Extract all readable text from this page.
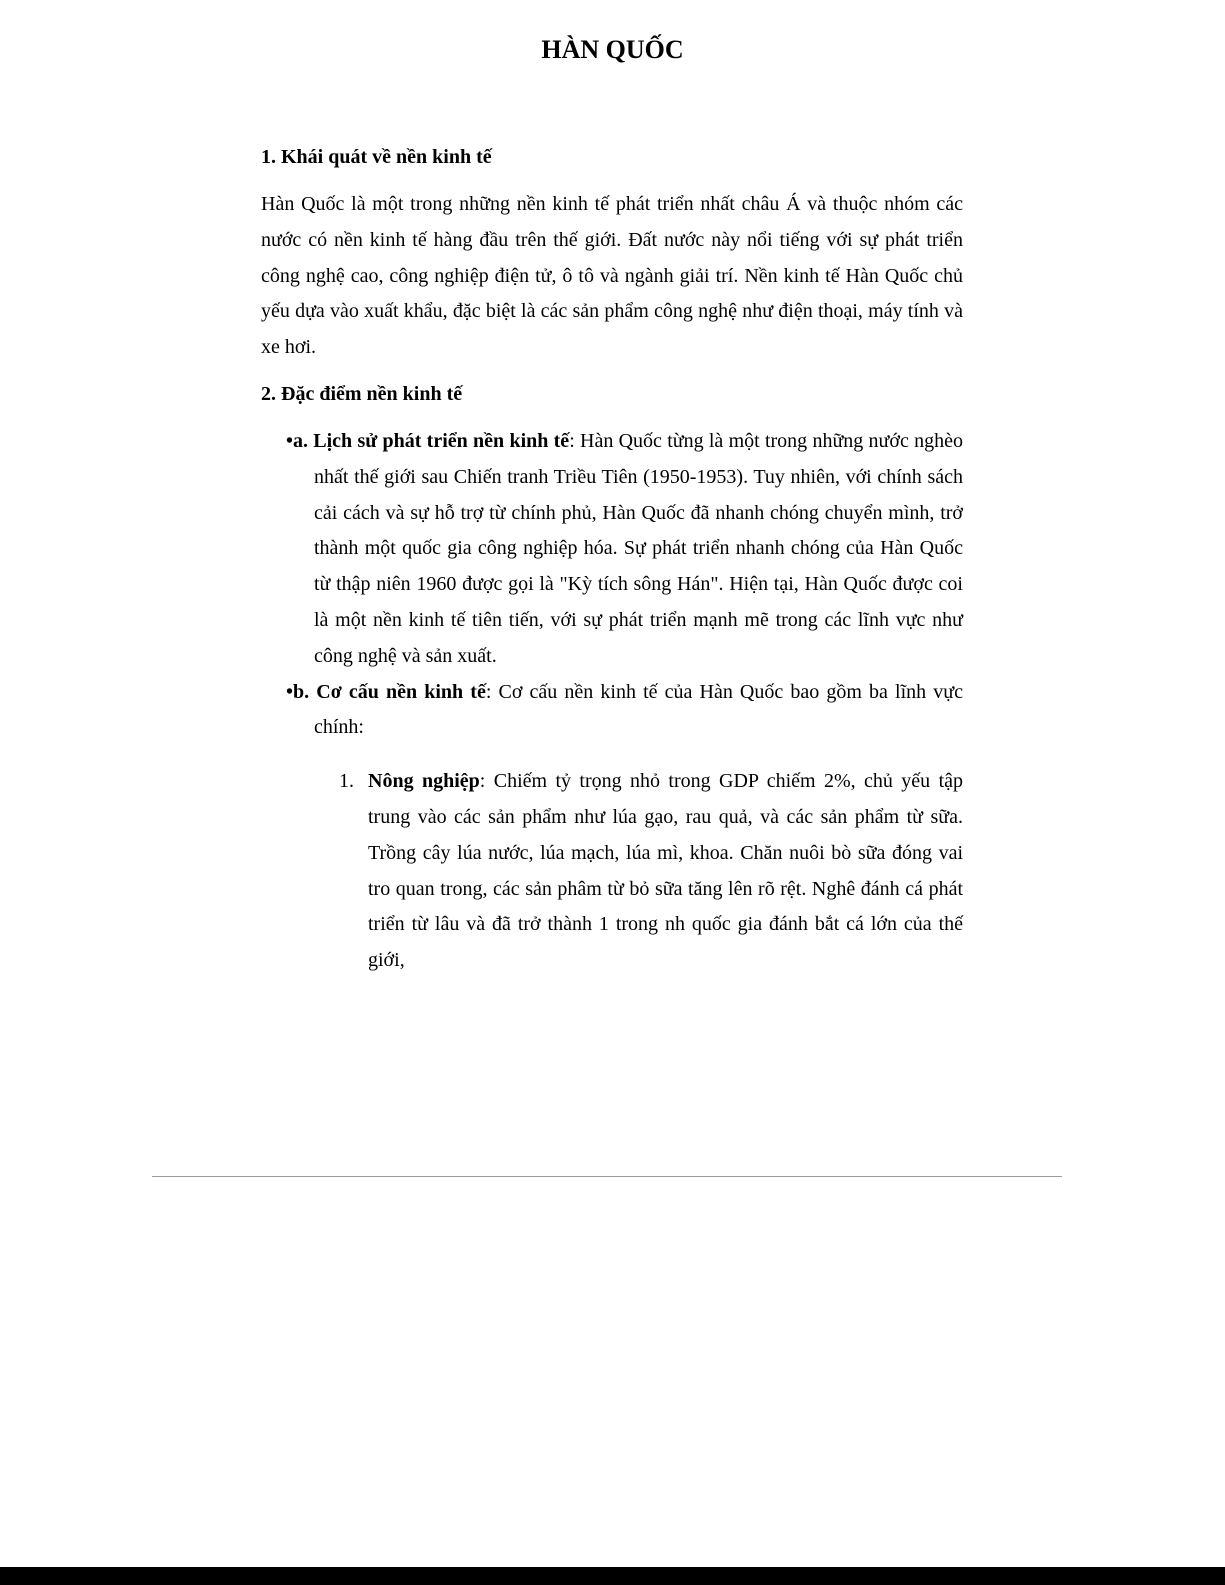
HÀN QUỐC
1. Khái quát về nền kinh tế

Hàn Quốc là một trong những nền kinh tế phát triển nhất châu Á và thuộc nhóm các nước có nền kinh tế hàng đầu trên thế giới. Đất nước này nổi tiếng với sự phát triển công nghệ cao, công nghiệp điện tử, ô tô và ngành giải trí. Nền kinh tế Hàn Quốc chủ yếu dựa vào xuất khẩu, đặc biệt là các sản phẩm công nghệ như điện thoại, máy tính và xe hơi.

2. Đặc điểm nền kinh tế
•a. Lịch sử phát triển nền kinh tế: Hàn Quốc từng là một trong những nước nghèo nhất thế giới sau Chiến tranh Triều Tiên (1950-1953). Tuy nhiên, với chính sách cải cách và sự hỗ trợ từ chính phủ, Hàn Quốc đã nhanh chóng chuyển mình, trở thành một quốc gia công nghiệp hóa. Sự phát triển nhanh chóng của Hàn Quốc từ thập niên 1960 được gọi là "Kỳ tích sông Hán". Hiện tại, Hàn Quốc được coi là một nền kinh tế tiên tiến, với sự phát triển mạnh mẽ trong các lĩnh vực như công nghệ và sản xuất.
•b. Cơ cấu nền kinh tế: Cơ cấu nền kinh tế của Hàn Quốc bao gồm ba lĩnh vực chính:
1. Nông nghiệp: Chiếm tỷ trọng nhỏ trong GDP chiếm 2%, chủ yếu tập trung vào các sản phẩm như lúa gạo, rau quả, và các sản phẩm từ sữa. Trồng cây lúa nước, lúa mạch, lúa mì, khoa. Chăn nuôi bò sữa đóng vai tro quan trong, các sản phâm từ bỏ sữa tăng lên rõ rệt. Nghê đánh cá phát triển từ lâu và đã trở thành 1 trong nh quốc gia đánh bắt cá lớn của thế giới,
